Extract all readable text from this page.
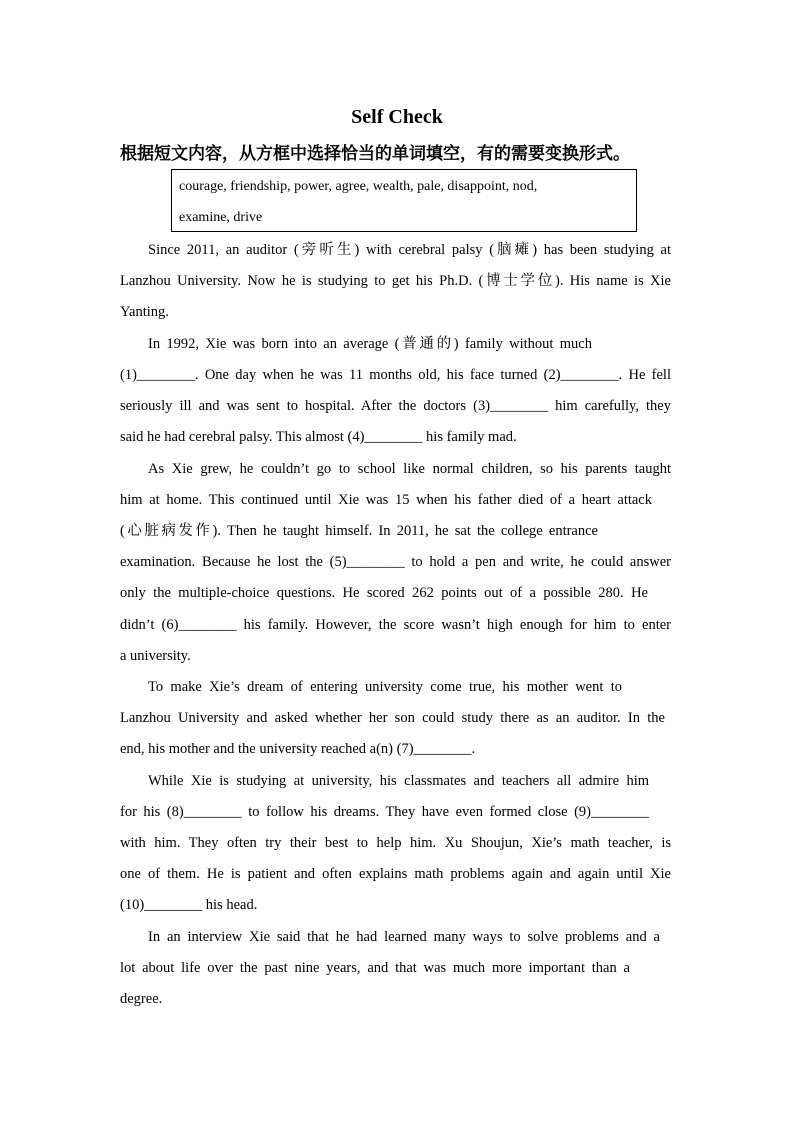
Self Check
根据短文内容，从方框中选择恰当的单词填空，有的需要变换形式。
courage, friendship, power, agree, wealth, pale, disappoint, nod,
examine, drive
Since 2011, an auditor (旁听生) with cerebral palsy (脑瘫) has been studying at
Lanzhou University. Now he is studying to get his Ph.D. (博士学位). His name is Xie
Yanting.
In 1992, Xie was born into an average (普通的) family without much
(1)________. One day when he was 11 months old, his face turned (2)________. He fell
seriously ill and was sent to hospital. After the doctors (3)________ him carefully, they
said he had cerebral palsy. This almost (4)________ his family mad.
As Xie grew, he couldn’t go to school like normal children, so his parents taught
him at home. This continued until Xie was 15 when his father died of a heart attack
(心脏病发作). Then he taught himself. In 2011, he sat the college entrance
examination. Because he lost the (5)________ to hold a pen and write, he could answer
only the multiple-choice questions. He scored 262 points out of a possible 280. He
didn’t (6)________ his family. However, the score wasn’t high enough for him to enter
a university.
To make Xie’s dream of entering university come true, his mother went to
Lanzhou University and asked whether her son could study there as an auditor. In the
end, his mother and the university reached a(n) (7)________.
While Xie is studying at university, his classmates and teachers all admire him
for his (8)________ to follow his dreams. They have even formed close (9)________
with him. They often try their best to help him. Xu Shoujun, Xie’s math teacher, is
one of them. He is patient and often explains math problems again and again until Xie
(10)________ his head.
In an interview Xie said that he had learned many ways to solve problems and a
lot about life over the past nine years, and that was much more important than a
degree.
